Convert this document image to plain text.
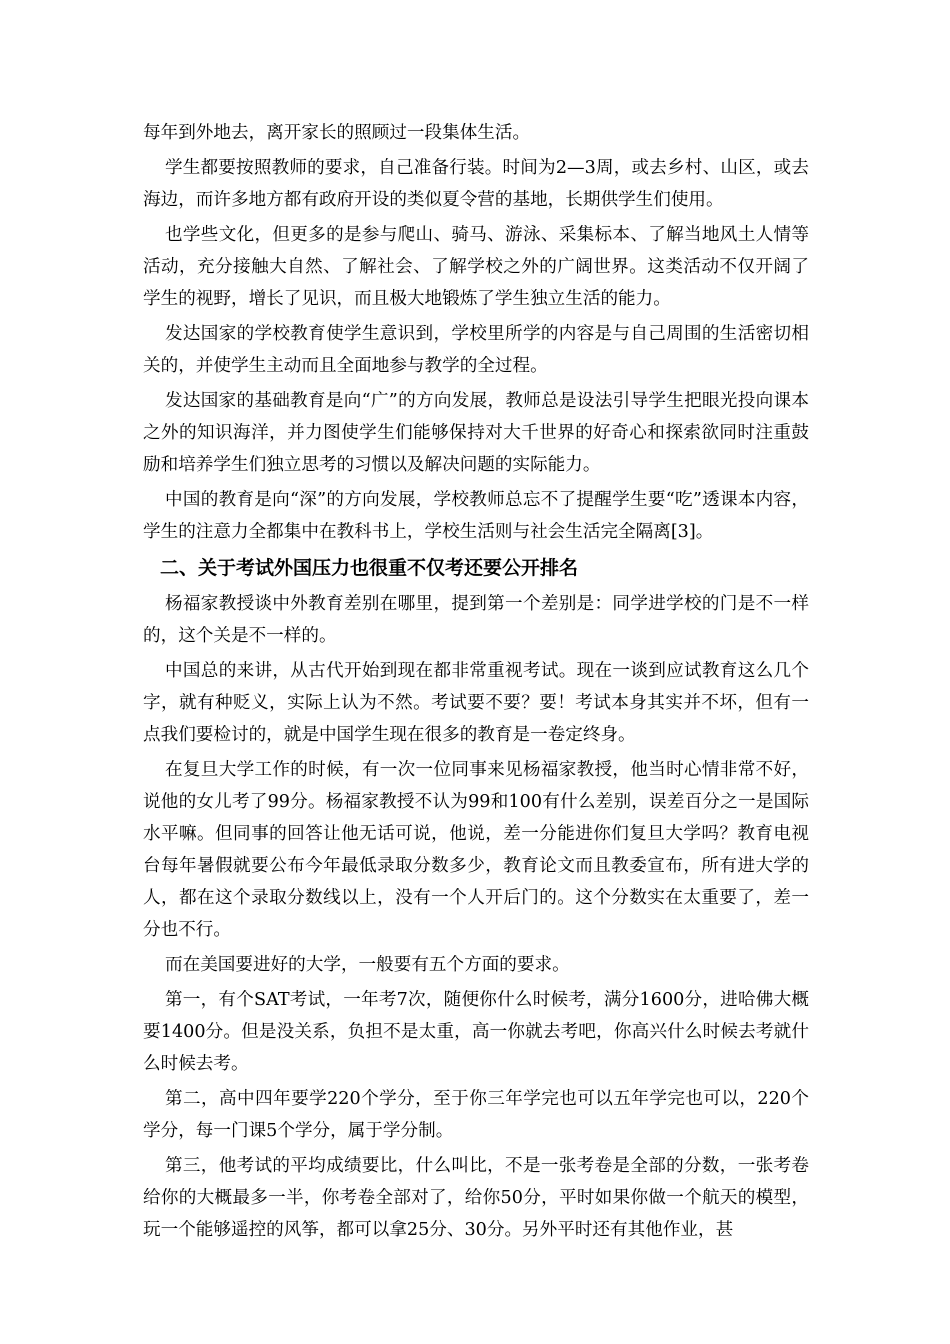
每年到外地去，离开家长的照顾过一段集体生活。

学生都要按照教师的要求，自己准备行装。时间为2—3周，或去乡村、山区，或去海边，而许多地方都有政府开设的类似夏令营的基地，长期供学生们使用。

也学些文化，但更多的是参与爬山、骑马、游泳、采集标本、了解当地风土人情等活动，充分接触大自然、了解社会、了解学校之外的广阔世界。这类活动不仅开阔了学生的视野，增长了见识，而且极大地锻炼了学生独立生活的能力。

发达国家的学校教育使学生意识到，学校里所学的内容是与自己周围的生活密切相关的，并使学生主动而且全面地参与教学的全过程。

发达国家的基础教育是向“广”的方向发展，教师总是设法引导学生把眼光投向课本之外的知识海洋，并力图使学生们能够保持对大千世界的好奇心和探索欲同时注重鼓励和培养学生们独立思考的习惯以及解决问题的实际能力。

中国的教育是向“深”的方向发展，学校教师总忘不了提醒学生要“吃”透课本内容，学生的注意力全都集中在教科书上，学校生活则与社会生活完全隔离[3]。

二、关于考试外国压力也很重不仅考还要公开排名

杨福家教授谈中外教育差别在哪里，提到第一个差别是：同学进学校的门是不一样的，这个关是不一样的。

中国总的来讲，从古代开始到现在都非常重视考试。现在一谈到应试教育这么几个字，就有种贬义，实际上认为不然。考试要不要？要！考试本身其实并不坏，但有一点我们要检讨的，就是中国学生现在很多的教育是一卷定终身。

在复旦大学工作的时候，有一次一位同事来见杨福家教授，他当时心情非常不好，说他的女儿考了99分。杨福家教授不认为99和100有什么差别，误差百分之一是国际水平嘛。但同事的回答让他无话可说，他说，差一分能进你们复旦大学吗？教育电视台每年暑假就要公布今年最低录取分数多少，教育论文而且教委宣布，所有进大学的人，都在这个录取分数线以上，没有一个人开后门的。这个分数实在太重要了，差一分也不行。

而在美国要进好的大学，一般要有五个方面的要求。

第一，有个SAT考试，一年考7次，随便你什么时候考，满分1600分，进哈佛大概要1400分。但是没关系，负担不是太重，高一你就去考吧，你高兴什么时候去考就什么时候去考。

第二，高中四年要学220个学分，至于你三年学完也可以五年学完也可以，220个学分，每一门课5个学分，属于学分制。

第三，他考试的平均成绩要比，什么叫比，不是一张考卷是全部的分数，一张考卷给你的大概最多一半，你考卷全部对了，给你50分，平时如果你做一个航天的模型，玩一个能够遥控的风筝，都可以拿25分、30分。另外平时还有其他作业，甚
